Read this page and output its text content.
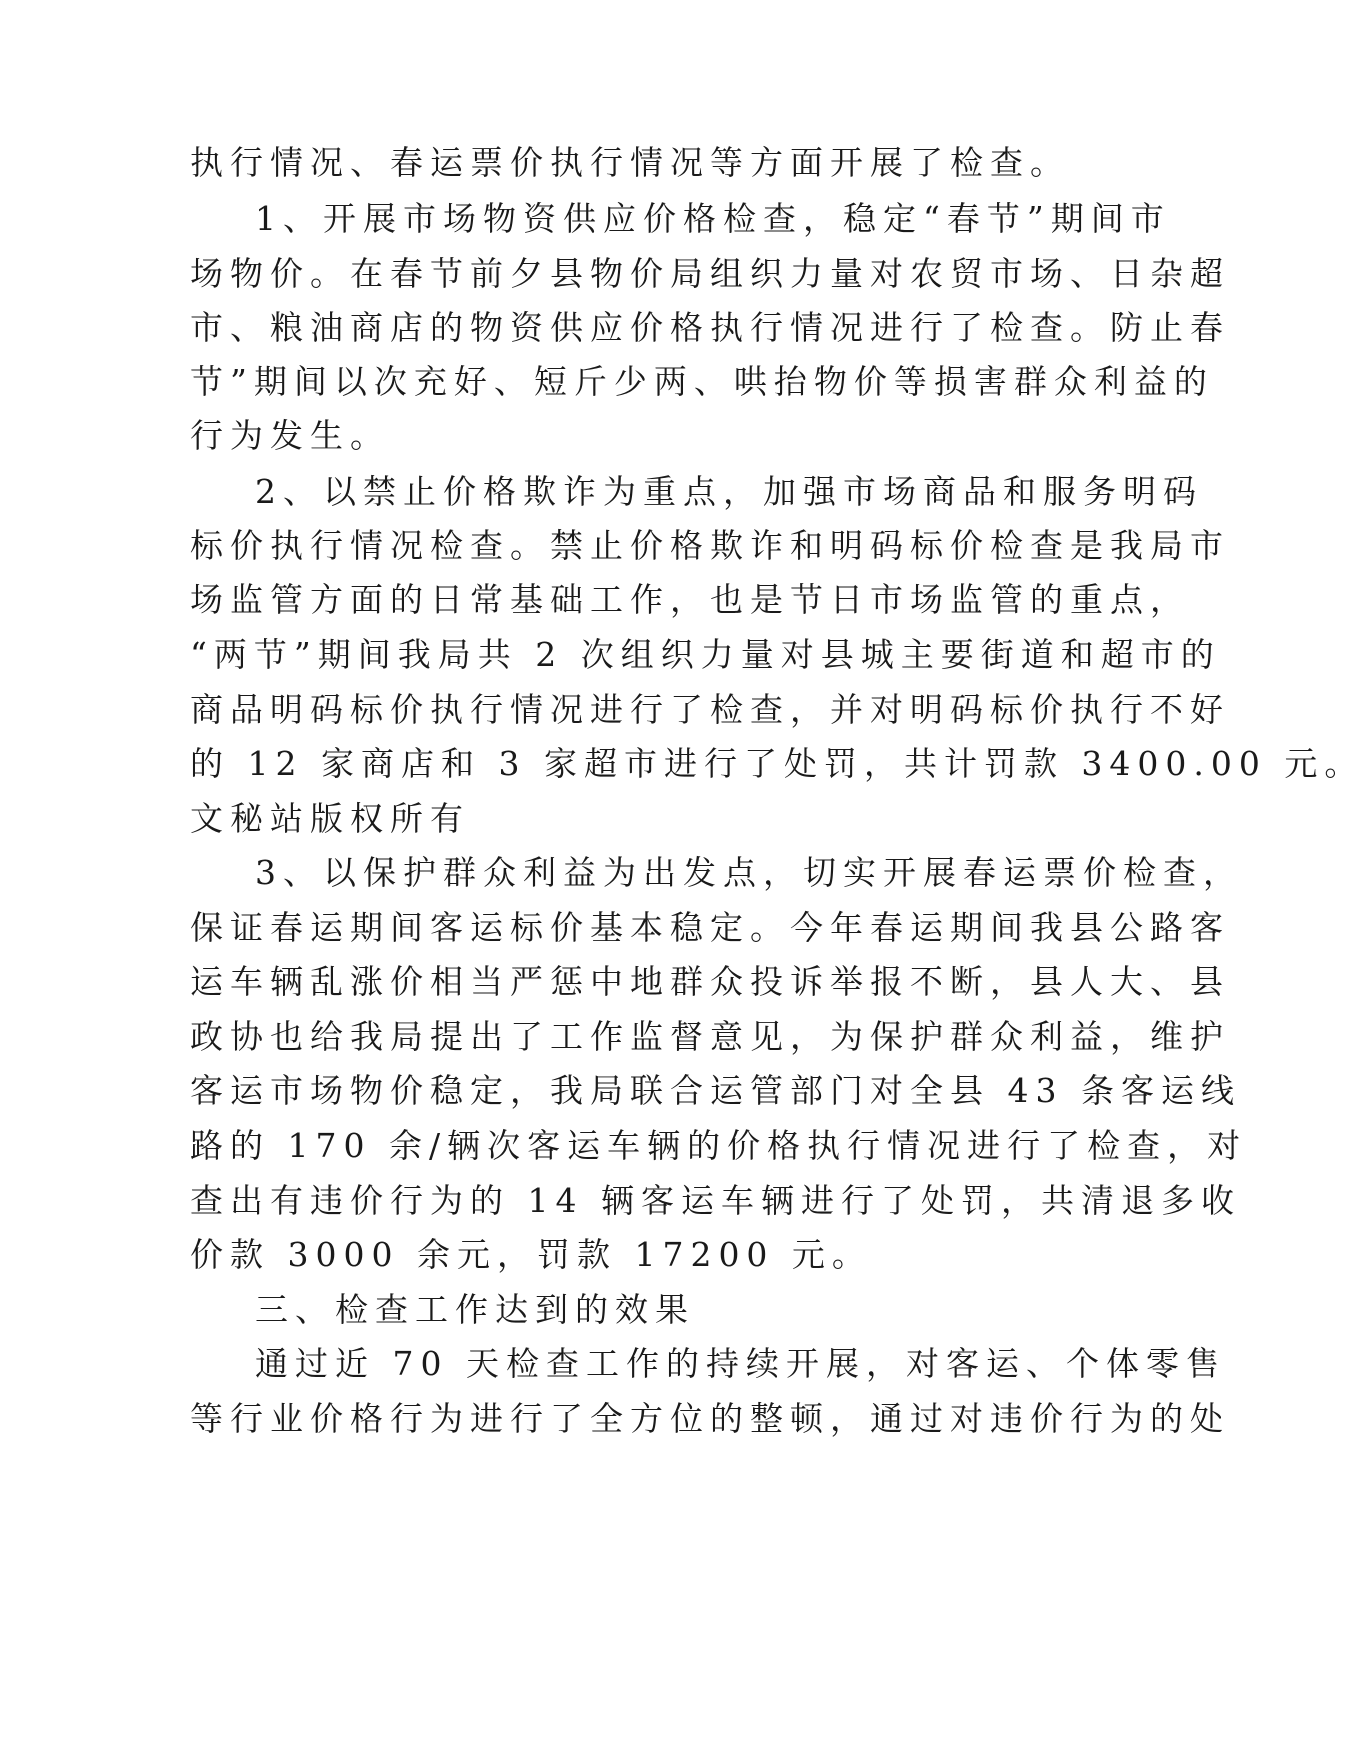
执行情况、春运票价执行情况等方面开展了检查。

1、开展市场物资供应价格检查，稳定“春节”期间市

场物价。在春节前夕县物价局组织力量对农贸市场、日杂超

市、粮油商店的物资供应价格执行情况进行了检查。防止春

节”期间以次充好、短斤少两、哄抬物价等损害群众利益的

行为发生。

2、以禁止价格欺诈为重点，加强市场商品和服务明码

标价执行情况检查。禁止价格欺诈和明码标价检查是我局市

场监管方面的日常基础工作，也是节日市场监管的重点，

“两节”期间我局共 2 次组织力量对县城主要街道和超市的

商品明码标价执行情况进行了检查，并对明码标价执行不好

的 12 家商店和 3 家超市进行了处罚，共计罚款 3400.00 元。

文秘站版权所有

3、以保护群众利益为出发点，切实开展春运票价检查，

保证春运期间客运标价基本稳定。今年春运期间我县公路客

运车辆乱涨价相当严惩中地群众投诉举报不断，县人大、县

政协也给我局提出了工作监督意见，为保护群众利益，维护

客运市场物价稳定，我局联合运管部门对全县 43 条客运线

路的 170 余/辆次客运车辆的价格执行情况进行了检查，对

查出有违价行为的 14 辆客运车辆进行了处罚，共清退多收

价款 3000 余元，罚款 17200 元。

三、检查工作达到的效果

通过近 70 天检查工作的持续开展，对客运、个体零售

等行业价格行为进行了全方位的整顿，通过对违价行为的处
